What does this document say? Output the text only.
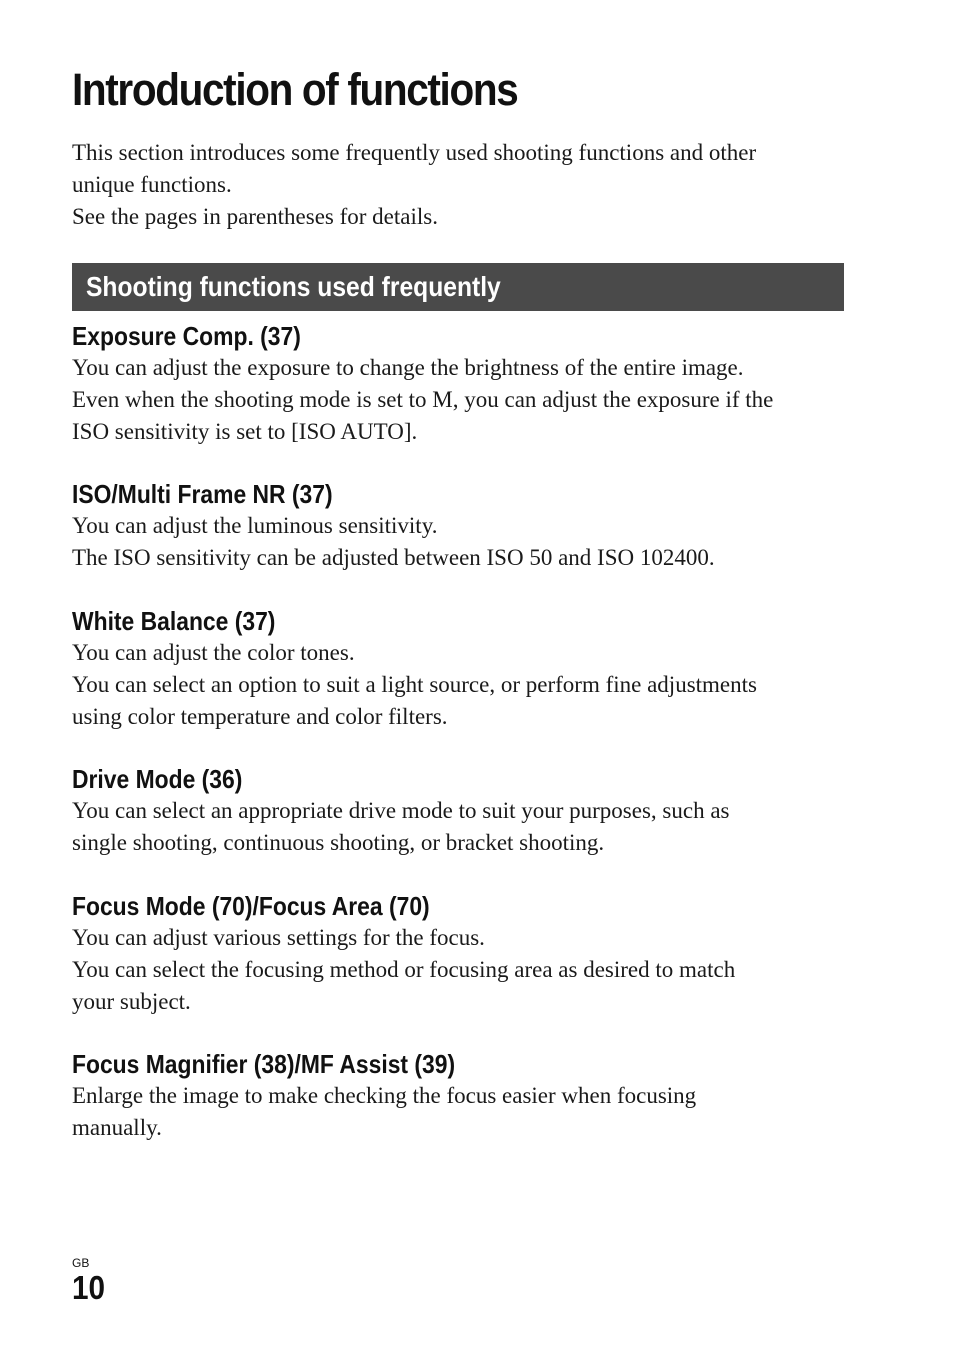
Introduction of functions

This section introduces some frequently used shooting functions and other

unique functions.

See the pages in parentheses for details.

Shooting functions used frequently
Exposure Comp. (37)

You can adjust the exposure to change the brightness of the entire image.

Even when the shooting mode is set to M, you can adjust the exposure if the

ISO sensitivity is set to [ISO AUTO].

ISO/Multi Frame NR (37)

You can adjust the luminous sensitivity.

The ISO sensitivity can be adjusted between ISO 50 and ISO 102400.

White Balance (37)

You can adjust the color tones.

You can select an option to suit a light source, or perform fine adjustments

using color temperature and color filters.

Drive Mode (36)

You can select an appropriate drive mode to suit your purposes, such as

single shooting, continuous shooting, or bracket shooting.

Focus Mode (70)/Focus Area (70)

You can adjust various settings for the focus.

You can select the focusing method or focusing area as desired to match

your subject.

Focus Magnifier (38)/MF Assist (39)

Enlarge the image to make checking the focus easier when focusing

manually.

GB
10
